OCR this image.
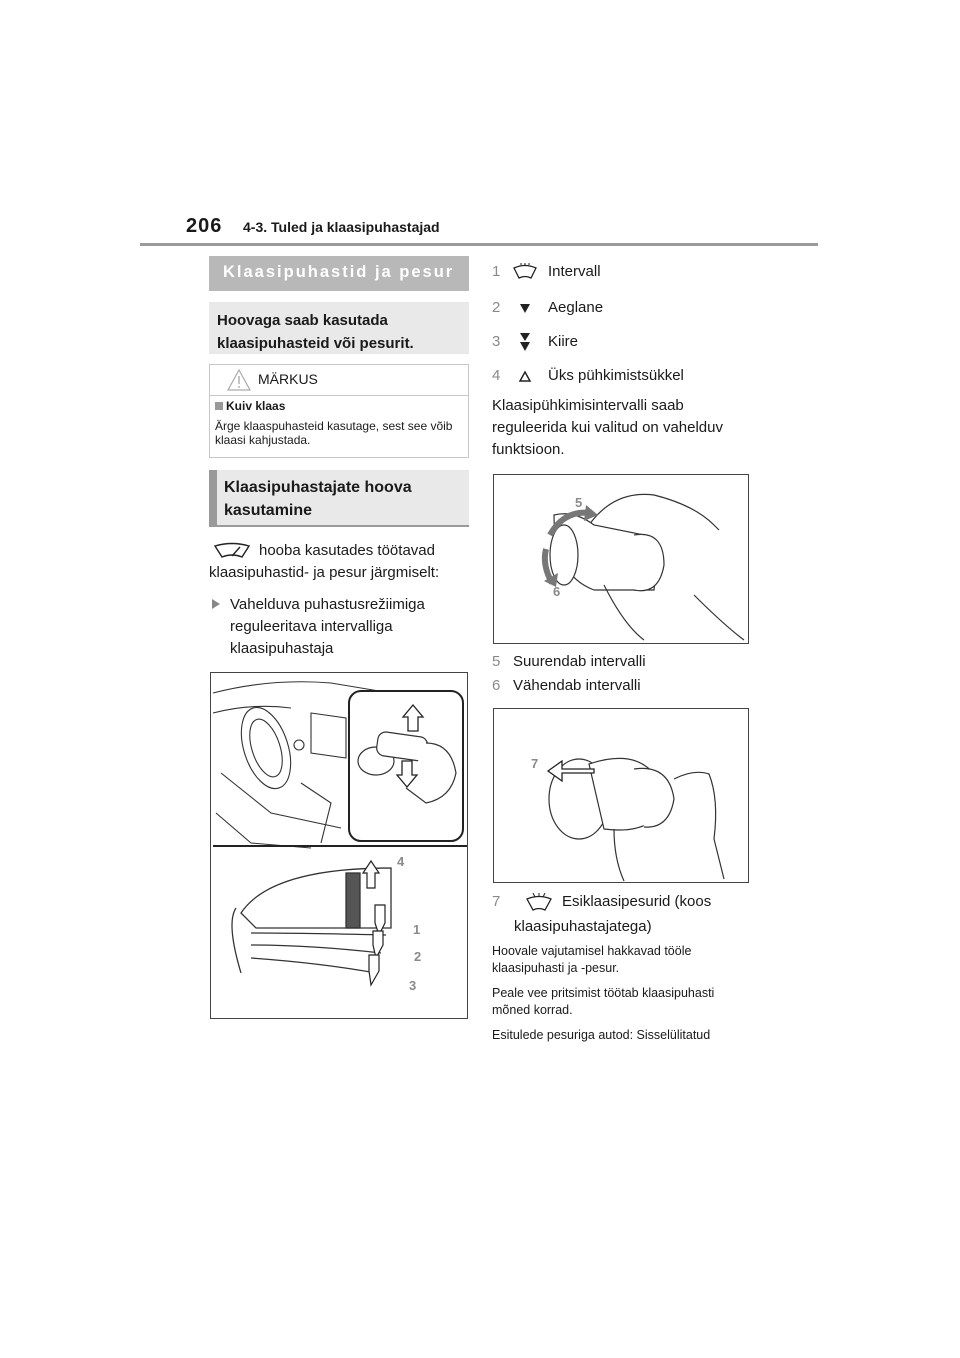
206 4-3. Tuled ja klaasipuhastajad
Klaasipuhastid ja pesur
Hoovaga saab kasutada klaasipuhasteid või pesurit.
MÄRKUS
Kuiv klaas
Ärge klaaspuhasteid kasutage, sest see võib klaasi kahjustada.
Klaasipuhastajate hoova kasutamine
hooba kasutades töötavad klaasipuhastid- ja pesur järgmiselt:
Vahelduva puhastusrežiimiga reguleeritava intervalliga klaasipuhastaja
4
1
2
3
1	Intervall
2	Aeglane
3	Kiire
4	Üks pühkimistsükkel
Klaasipühkimisintervalli saab reguleerida kui valitud on vahelduv funktsioon.
5
6
5 Suurendab intervalli
6 Vähendab intervalli
7
7	Esiklaasipesurid (koos
klaasipuhastajatega)
Hoovale vajutamisel hakkavad tööle klaasipuhasti ja -pesur.
Peale vee pritsimist töötab klaasipuhasti mõned korrad.
Esitulede pesuriga autod: Sisselülitatud
